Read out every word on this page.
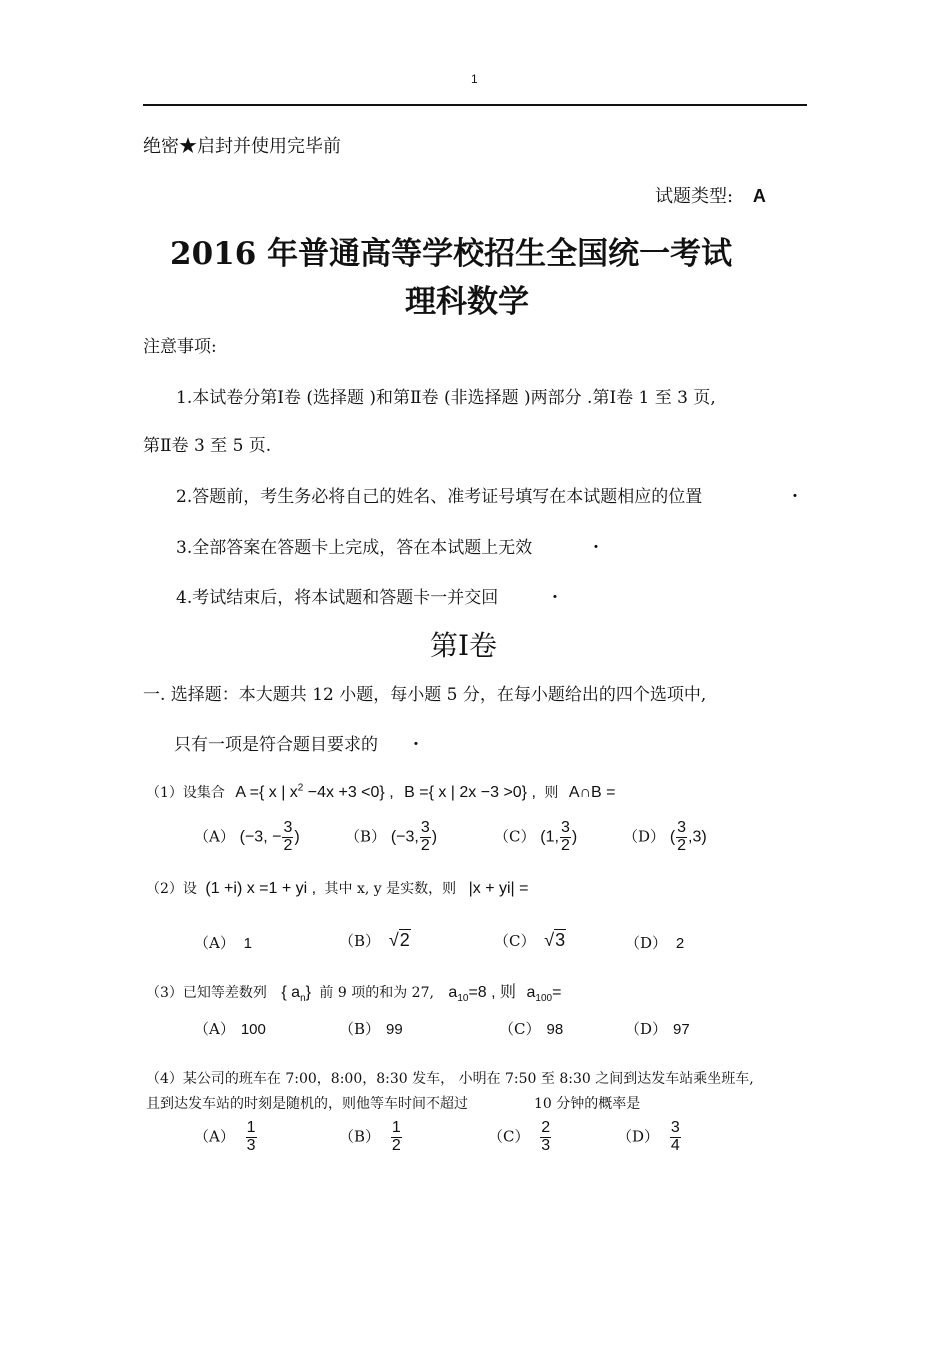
1
绝密★启封并使用完毕前
试题类型: A
2016 年普通高等学校招生全国统一考试
理科数学
注意事项:
1.本试卷分第Ⅰ卷 (选择题 )和第Ⅱ卷 (非选择题 )两部分 .第Ⅰ卷 1 至 3 页,
第Ⅱ卷 3 至 5 页.
2.答题前，考生务必将自己的姓名、准考证号填写在本试题相应的位置	.
3.全部答案在答题卡上完成，答在本试题上无效	.
4.考试结束后，将本试题和答题卡一并交回	.
第Ⅰ卷
一. 选择题：本大题共 12 小题，每小题 5 分，在每小题给出的四个选项中,
只有一项是符合题目要求的 .
（1）设集合 A ={ x | $x^2 -4x +3 <0$} , B ={ x | 2x −3 >0} , 则 A∩B =
（A） (−3, − $\frac{3}{2}$ )	（B） (−3, $\frac{3}{2}$ )	（C） (1, $\frac{3}{2}$ )	（D） ( $\frac{3}{2} ,3$)
（2）设 (1 +i) x =1 + yi , 其中 x, y 是实数，则 |x + yi| =
（A） 1	（B） √2	（C） √3	（D） 2
（3）已知等差数列 { $a_n$} 前 9 项的和为 27, $a_{10}=8$ , 则 $a_{100}=$
（A） 100	（B） 99	（C） 98	（D） 97
（4）某公司的班车在 7:00，8:00，8:30 发车， 小明在 7:50 至 8:30 之间到达发车站乘坐班车,
且到达发车站的时刻是随机的，则他等车时间不超过	10 分钟的概率是
$(A) \frac{1}{3}$	$(B) \frac{1}{2}$	$(C) \frac{2}{3}$	$(D) \frac{3}{4}$
